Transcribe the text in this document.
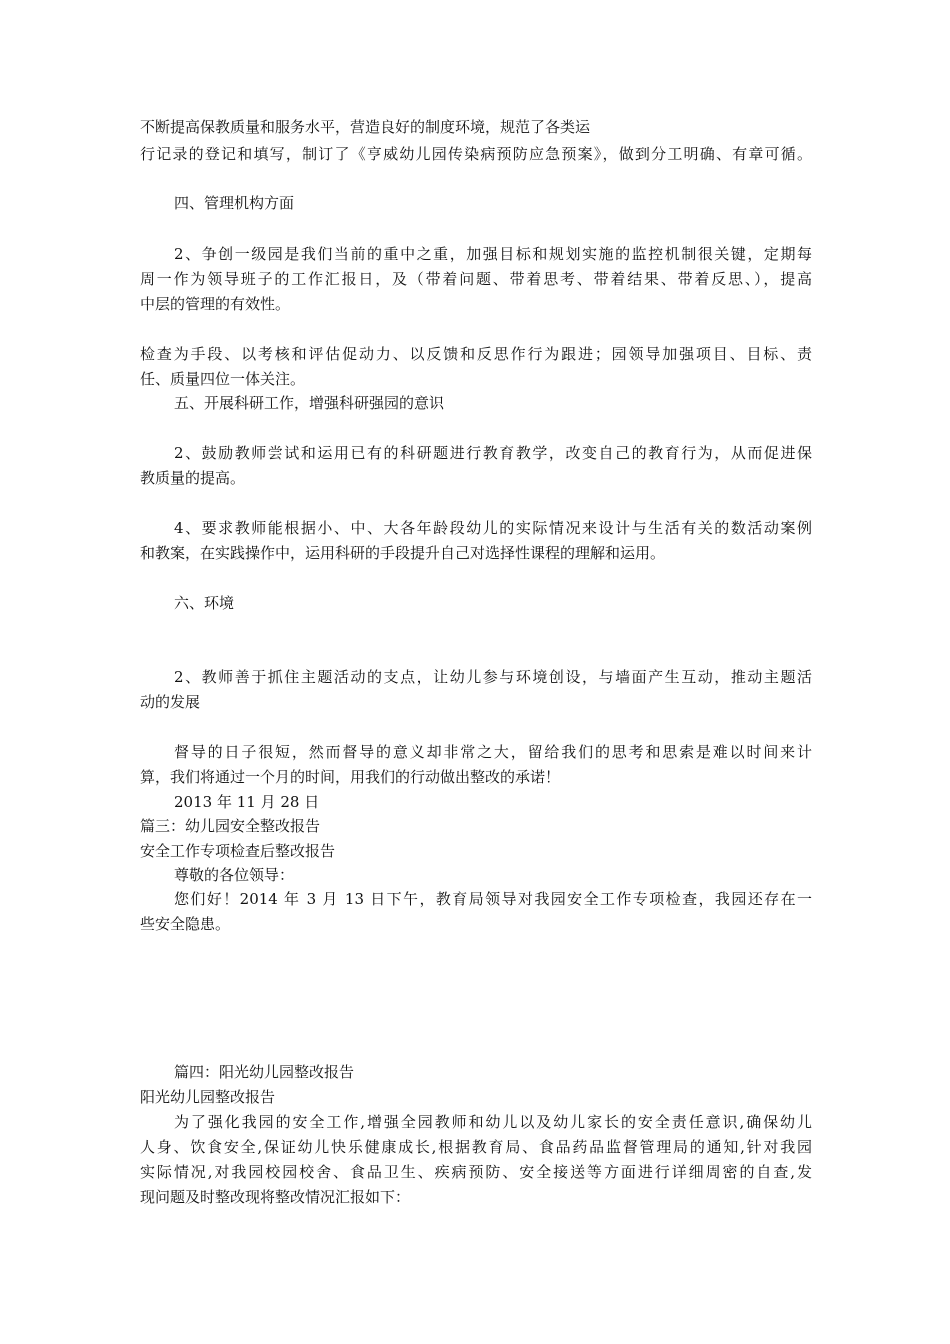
不断提高保教质量和服务水平，营造良好的制度环境，规范了各类运
行记录的登记和填写，制订了《亨威幼儿园传染病预防应急预案》，做到分工明确、有章可循。
四、管理机构方面
2、争创一级园是我们当前的重中之重，加强目标和规划实施的监控机制很关键，定期每
周一作为领导班子的工作汇报日，及（带着问题、带着思考、带着结果、带着反思、），提高
中层的管理的有效性。
检查为手段、以考核和评估促动力、以反馈和反思作行为跟进；园领导加强项目、目标、责
任、质量四位一体关注。
五、开展科研工作，增强科研强园的意识
2、鼓励教师尝试和运用已有的科研题进行教育教学，改变自己的教育行为，从而促进保
教质量的提高。
4、要求教师能根据小、中、大各年龄段幼儿的实际情况来设计与生活有关的数活动案例
和教案，在实践操作中，运用科研的手段提升自己对选择性课程的理解和运用。
六、环境
2、教师善于抓住主题活动的支点，让幼儿参与环境创设，与墙面产生互动，推动主题活
动的发展
督导的日子很短，然而督导的意义却非常之大，留给我们的思考和思索是难以时间来计
算，我们将通过一个月的时间，用我们的行动做出整改的承诺！
2013 年 11 月 28 日
篇三：幼儿园安全整改报告
安全工作专项检查后整改报告
尊敬的各位领导：
您们好！2014 年 3 月 13 日下午，教育局领导对我园安全工作专项检查，我园还存在一
些安全隐患。
篇四：阳光幼儿园整改报告
阳光幼儿园整改报告
为了强化我园的安全工作,增强全园教师和幼儿以及幼儿家长的安全责任意识,确保幼儿
人身、饮食安全,保证幼儿快乐健康成长,根据教育局、食品药品监督管理局的通知,针对我园
实际情况,对我园校园校舍、食品卫生、疾病预防、安全接送等方面进行详细周密的自查,发
现问题及时整改现将整改情况汇报如下：
